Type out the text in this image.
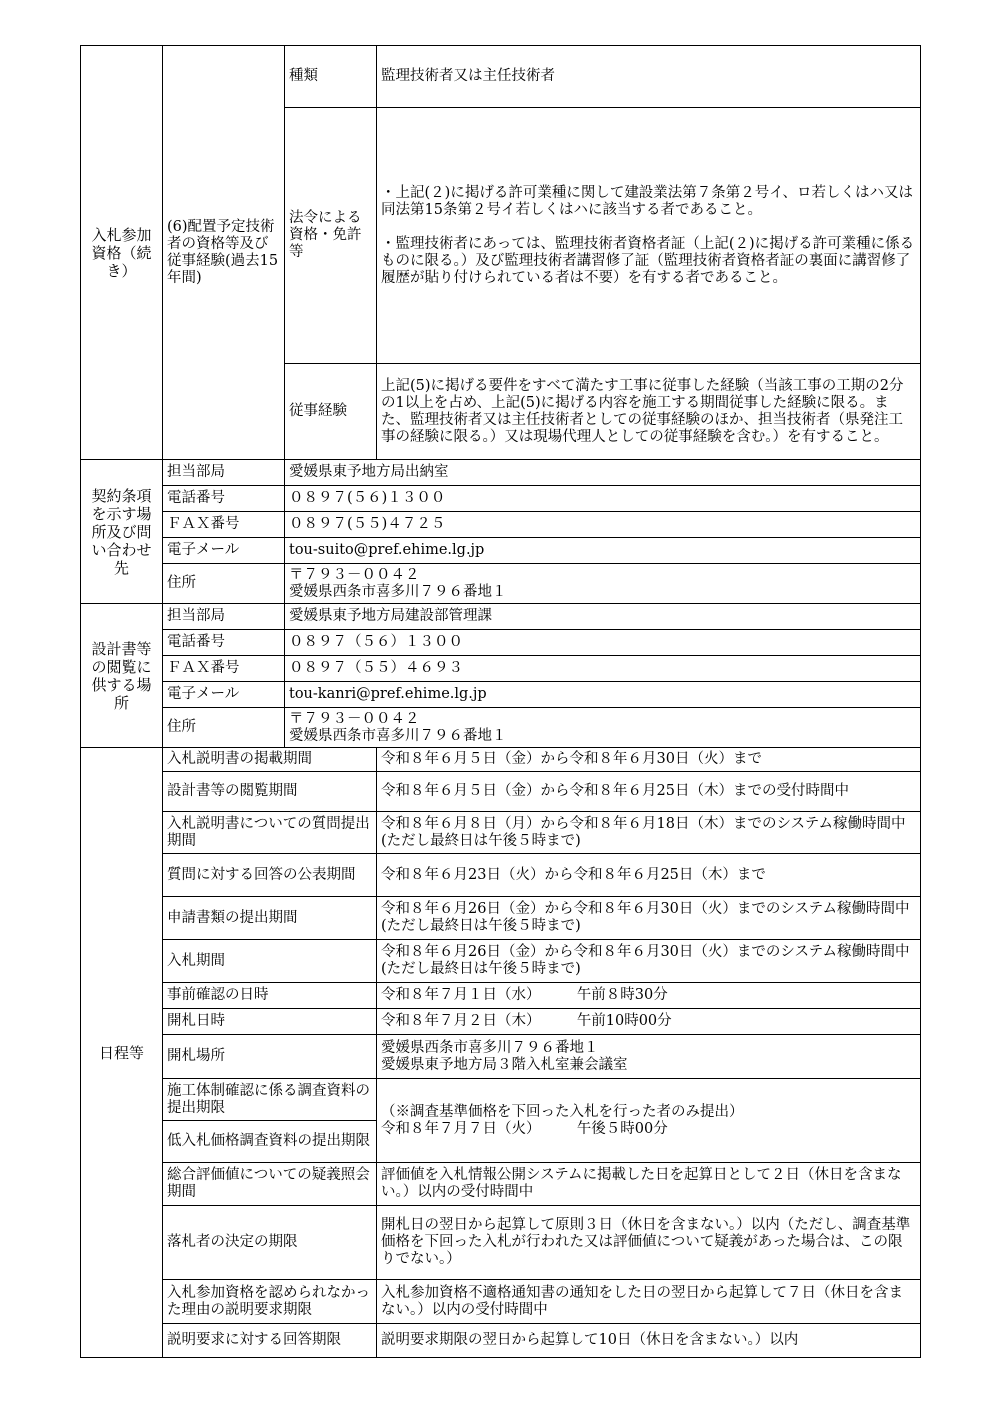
入札参加資格（続き）	(6)配置予定技術者の資格等及び従事経験(過去15年間)	種類	監理技術者又は主任技術者
		法令による資格・免許等	・上記(２)に掲げる許可業種に関して建設業法第７条第２号イ、ロ若しくはハ又は同法第15条第２号イ若しくはハに該当する者であること。
・監理技術者にあっては、監理技術者資格者証（上記(２)に掲げる許可業種に係るものに限る。）及び監理技術者講習修了証（監理技術者資格者証の裏面に講習修了履歴が貼り付けられている者は不要）を有する者であること。

		従事経験	上記(5)に掲げる要件をすべて満たす工事に従事した経験（当該工事の工期の2分の1以上を占め、上記(5)に掲げる内容を施工する期間従事した経験に限る。また、監理技術者又は主任技術者としての従事経験のほか、担当技術者（県発注工事の経験に限る。）又は現場代理人としての従事経験を含む。）を有すること。
契約条項を示す場所及び問い合わせ先	担当部局	愛媛県東予地方局出納室	
	電話番号	０８９７(５６)１３００	
	ＦＡＸ番号	０８９７(５５)４７２５	
	電子メール	tou-suito@pref.ehime.lg.jp	
	住所	〒７９３－００４２
愛媛県西条市喜多川７９６番地１	

設計書等の閲覧に供する場所	担当部局	愛媛県東予地方局建設部管理課	
	電話番号	０８９７（５６）１３００	
	ＦＡＸ番号	０８９７（５５）４６９３	
	電子メール	tou-kanri@pref.ehime.lg.jp	
	住所	〒７９３－００４２
愛媛県西条市喜多川７９６番地１	

日程等	入札説明書の掲載期間		令和８年６月５日（金）から令和８年６月30日（火）まで
	設計書等の閲覧期間		令和８年６月５日（金）から令和８年６月25日（木）までの受付時間中
	入札説明書についての質問提出期間		令和８年６月８日（月）から令和８年６月18日（木）までのシステム稼働時間中(ただし最終日は午後５時まで)
	質問に対する回答の公表期間		令和８年６月23日（火）から令和８年６月25日（木）まで
	申請書類の提出期間		令和８年６月26日（金）から令和８年６月30日（火）までのシステム稼働時間中(ただし最終日は午後５時まで)
	入札期間		令和８年６月26日（金）から令和８年６月30日（火）までのシステム稼働時間中(ただし最終日は午後５時まで)
	事前確認の日時		令和８年７月１日（水）　　　午前８時30分
	開札日時		令和８年７月２日（木）　　　午前10時00分
	開札場所		愛媛県西条市喜多川７９６番地１
愛媛県東予地方局３階入札室兼会議室

	施工体制確認に係る調査資料の提出期限		（※調査基準価格を下回った入札を行った者のみ提出）
令和８年７月７日（火）　　　午後５時00分

	低入札価格調査資料の提出期限		
	総合評価値についての疑義照会期間		評価値を入札情報公開システムに掲載した日を起算日として２日（休日を含まない。）以内の受付時間中
	落札者の決定の期限		開札日の翌日から起算して原則３日（休日を含まない。）以内（ただし、調査基準価格を下回った入札が行われた又は評価値について疑義があった場合は、この限りでない。）
	入札参加資格を認められなかった理由の説明要求期限		入札参加資格不適格通知書の通知をした日の翌日から起算して７日（休日を含まない。）以内の受付時間中
	説明要求に対する回答期限		説明要求期限の翌日から起算して10日（休日を含まない。）以内
